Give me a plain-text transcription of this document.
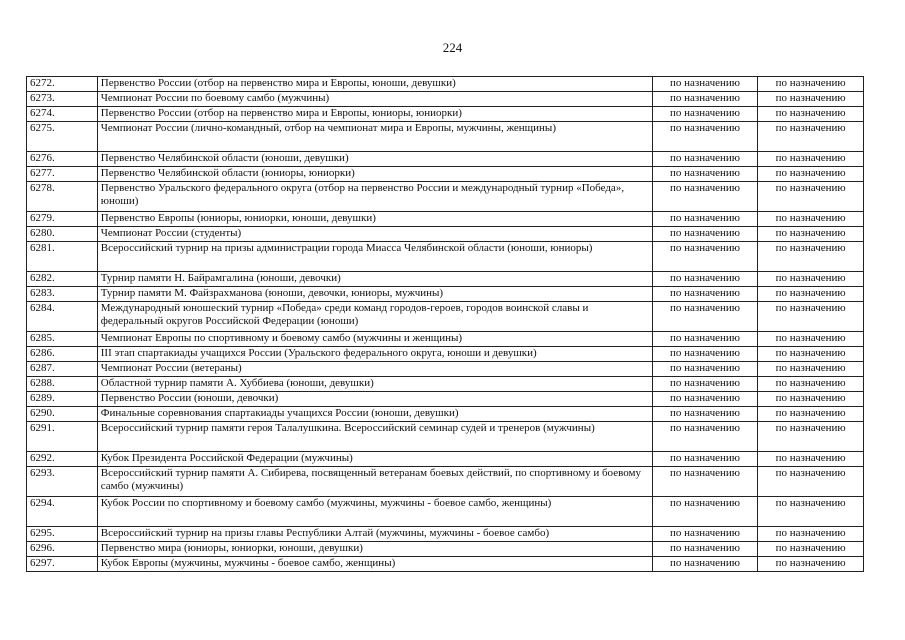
224
6272.	Первенство России (отбор на первенство мира и Европы, юноши, девушки)	по назначению	по назначению
6273.	Чемпионат России по боевому самбо (мужчины)	по назначению	по назначению
6274.	Первенство России (отбор на первенство мира и Европы, юниоры, юниорки)	по назначению	по назначению
6275.	Чемпионат России (лично-командный, отбор на чемпионат мира и Европы, мужчины, женщины)	по назначению	по назначению
6276.	Первенство Челябинской области (юноши, девушки)	по назначению	по назначению
6277.	Первенство Челябинской области (юниоры, юниорки)	по назначению	по назначению
6278.	Первенство Уральского федерального округа (отбор на первенство России и международный турнир «Победа», юноши)	по назначению	по назначению
6279.	Первенство Европы (юниоры, юниорки, юноши, девушки)	по назначению	по назначению
6280.	Чемпионат России (студенты)	по назначению	по назначению
6281.	Всероссийский турнир на призы администрации города Миасса Челябинской области (юноши, юниоры)	по назначению	по назначению
6282.	Турнир памяти Н. Байрамгалина (юноши, девочки)	по назначению	по назначению
6283.	Турнир памяти М. Файзрахманова (юноши, девочки, юниоры, мужчины)	по назначению	по назначению
6284.	Международный юношеский турнир «Победа» среди команд городов-героев, городов воинской славы и федеральный округов Российской Федерации (юноши)	по назначению	по назначению
6285.	Чемпионат Европы по спортивному и боевому самбо (мужчины и женщины)	по назначению	по назначению
6286.	III этап спартакиады учащихся России (Уральского федерального округа, юноши и девушки)	по назначению	по назначению
6287.	Чемпионат России (ветераны)	по назначению	по назначению
6288.	Областной турнир памяти А. Хуббиева (юноши, девушки)	по назначению	по назначению
6289.	Первенство России (юноши, девочки)	по назначению	по назначению
6290.	Финальные соревнования спартакиады учащихся России (юноши, девушки)	по назначению	по назначению
6291.	Всероссийский турнир памяти героя Талалушкина. Всероссийский семинар судей и тренеров (мужчины)	по назначению	по назначению
6292.	Кубок Президента Российской Федерации (мужчины)	по назначению	по назначению
6293.	Всероссийский турнир памяти А. Сибирева, посвященный ветеранам боевых действий, по спортивному и боевому самбо (мужчины)	по назначению	по назначению
6294.	Кубок России по спортивному и боевому самбо (мужчины, мужчины - боевое самбо, женщины)	по назначению	по назначению
6295.	Всероссийский турнир на призы главы Республики Алтай (мужчины, мужчины - боевое самбо)	по назначению	по назначению
6296.	Первенство мира (юниоры, юниорки, юноши, девушки)	по назначению	по назначению
6297.	Кубок Европы (мужчины, мужчины - боевое самбо, женщины)	по назначению	по назначению
